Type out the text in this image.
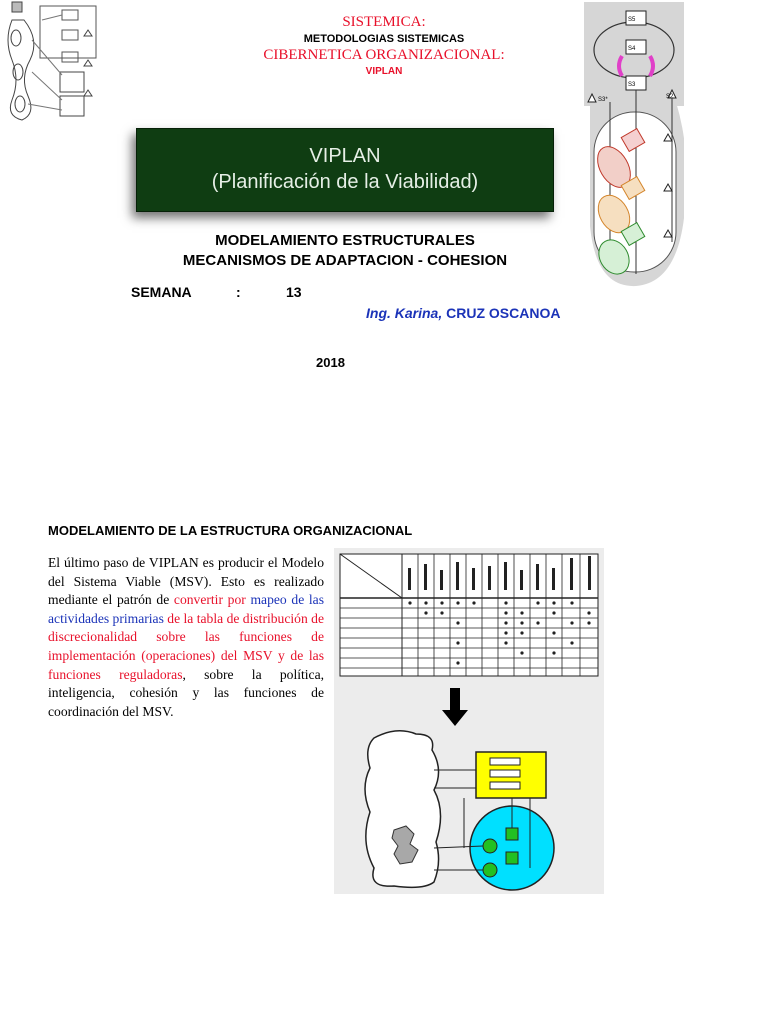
SISTEMICA:
METODOLOGIAS SISTEMICAS
CIBERNETICA ORGANIZACIONAL:
VIPLAN
S5
S4
S3
S3*	S2
VIPLAN
(Planificación de la Viabilidad)
MODELAMIENTO ESTRUCTURALES
MECANISMOS DE ADAPTACION - COHESION
SEMANA	:	13
Ing. Karina, CRUZ OSCANOA
2018
MODELAMIENTO DE LA ESTRUCTURA ORGANIZACIONAL
El último paso de VIPLAN es producir el Modelo del Sistema Viable (MSV). Esto es realizado mediante el patrón de convertir por mapeo de las actividades primarias de la tabla de distribución de discrecionalidad sobre las funciones de implementación (operaciones) del MSV y de las funciones reguladoras, sobre la política, inteligencia, cohesión y las funciones de coordinación del MSV.
